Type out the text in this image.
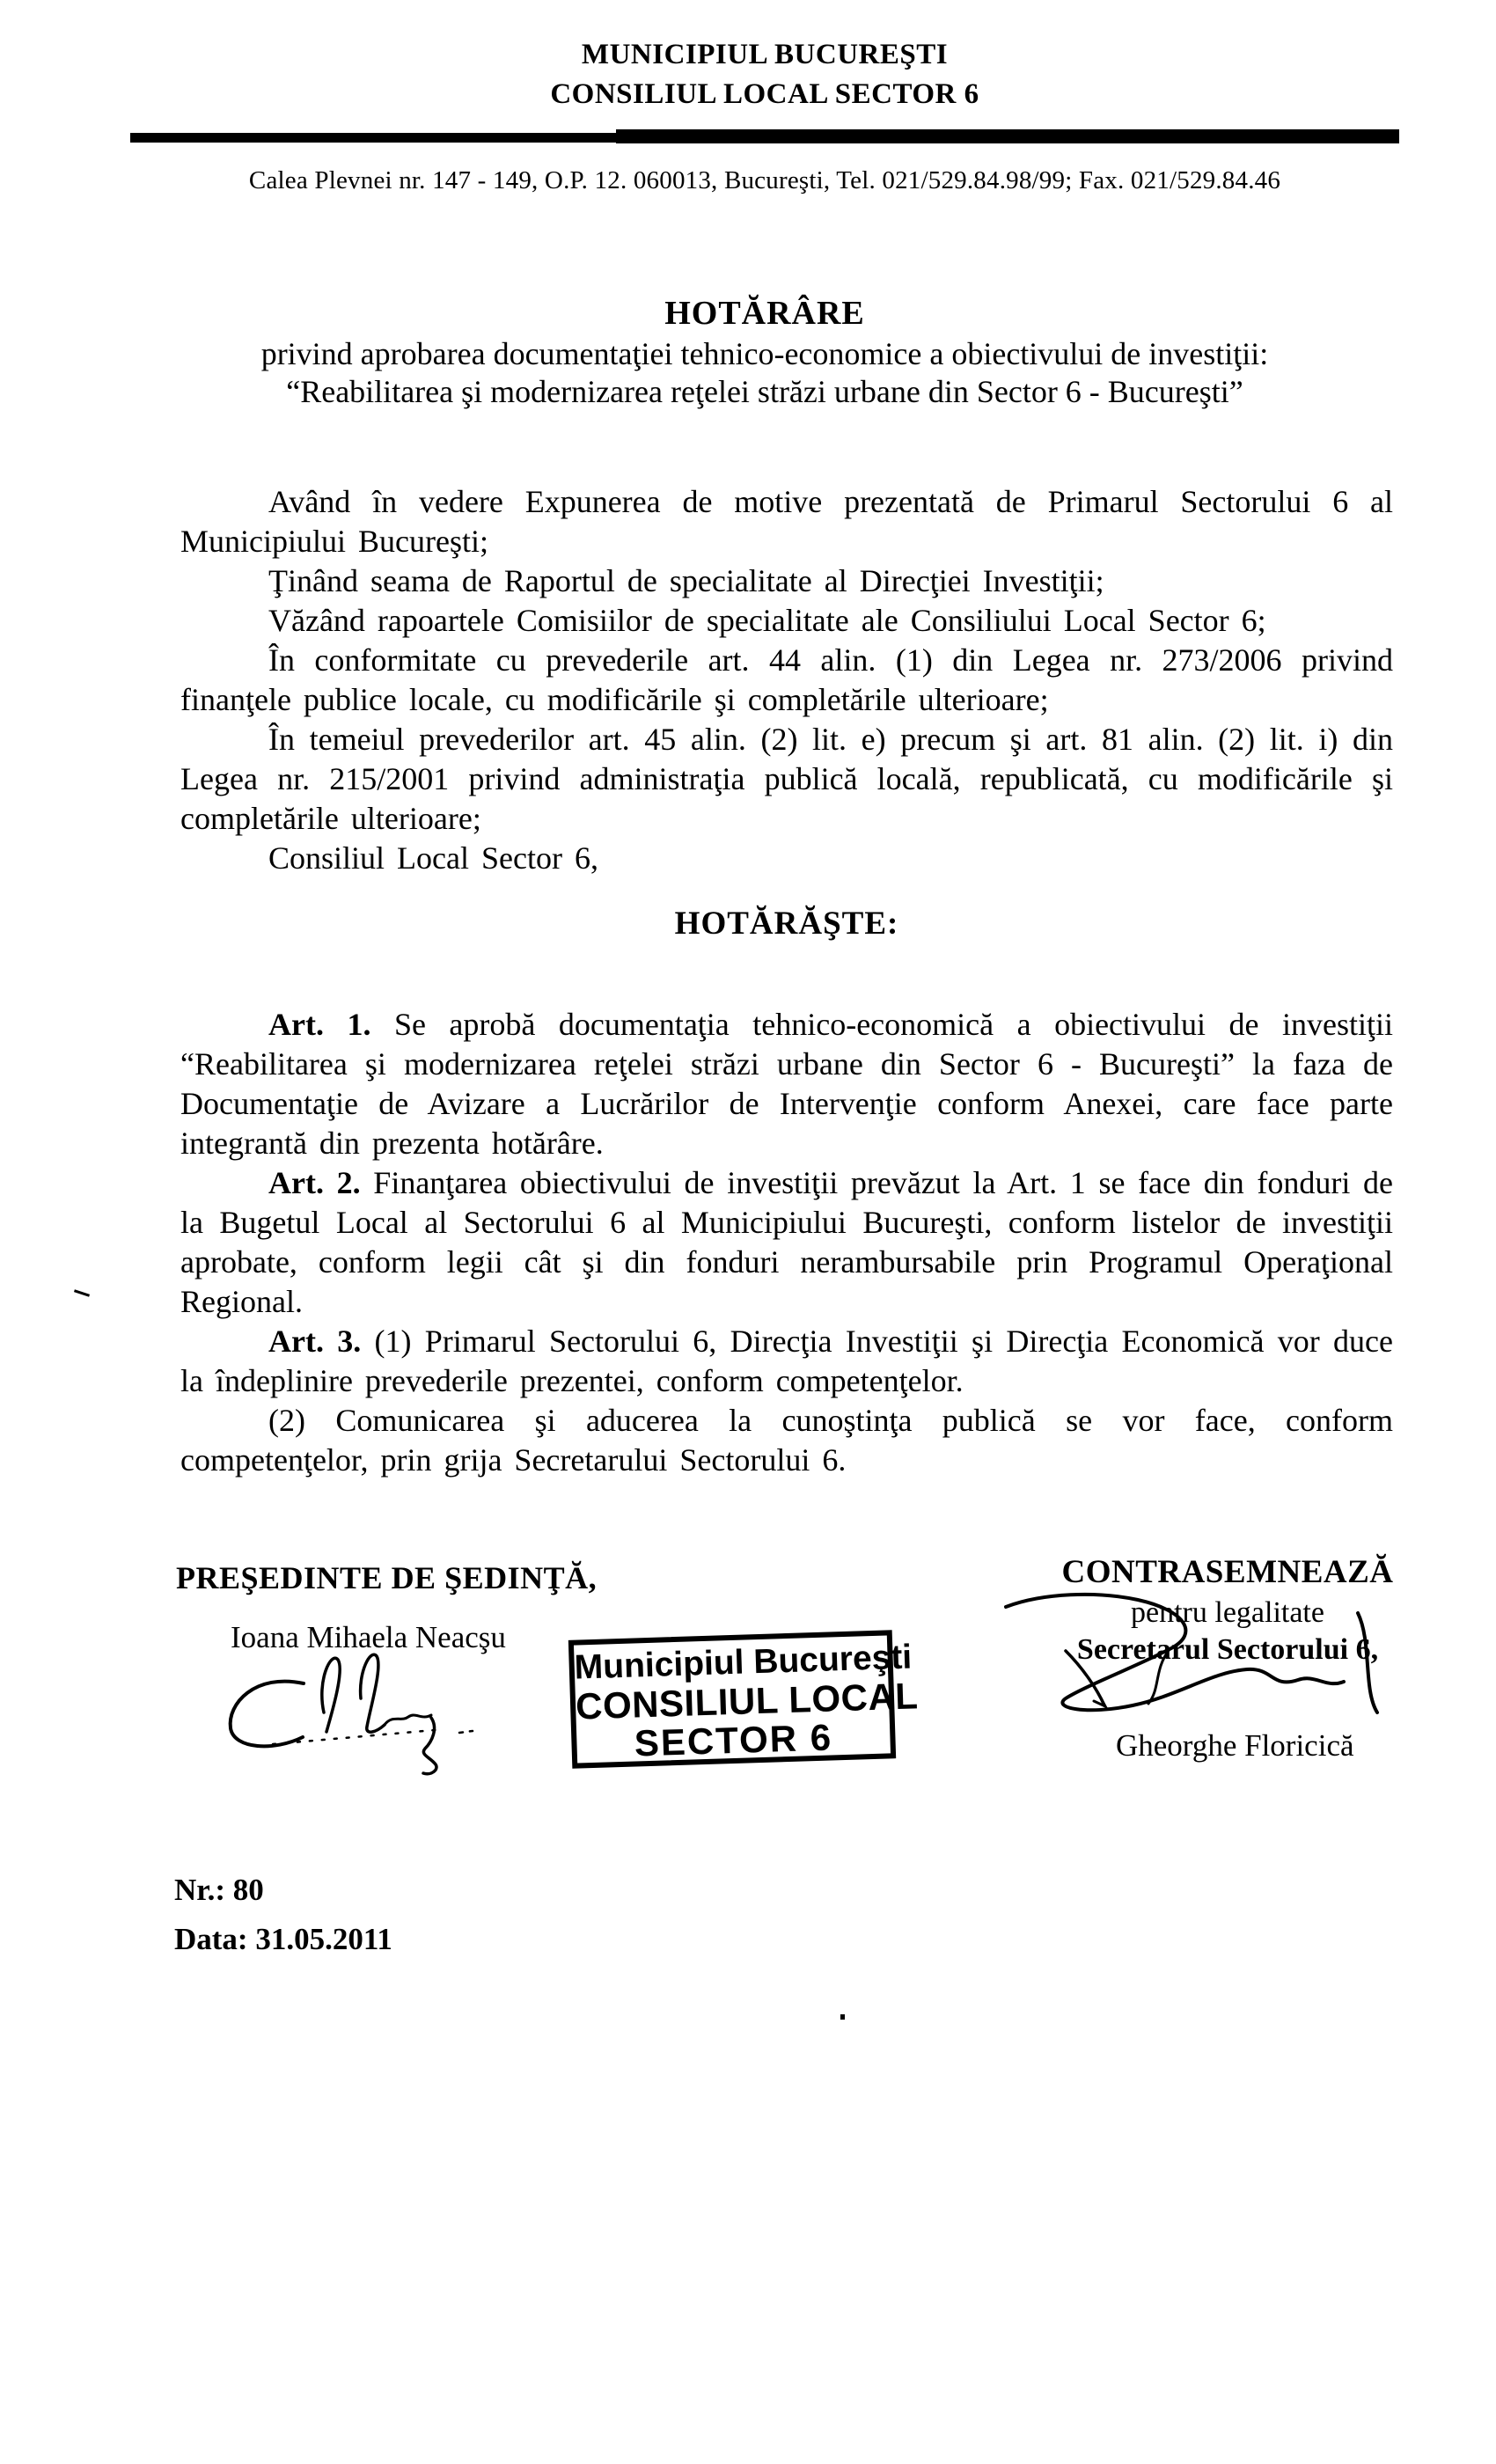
MUNICIPIUL BUCUREŞTI
CONSILIUL LOCAL SECTOR 6
Calea Plevnei nr. 147 - 149, O.P. 12. 060013, Bucureşti, Tel. 021/529.84.98/99; Fax. 021/529.84.46
HOTĂRÂRE
privind aprobarea documentaţiei tehnico-economice a obiectivului de investiţii:
“Reabilitarea şi modernizarea reţelei străzi urbane din Sector 6 - Bucureşti”

Având în vedere Expunerea de motive prezentată de Primarul Sectorului 6 al Municipiului Bucureşti;

Ţinând seama de Raportul de specialitate al Direcţiei Investiţii;

Văzând rapoartele Comisiilor de specialitate ale Consiliului Local Sector 6;

În conformitate cu prevederile art. 44 alin. (1) din Legea nr. 273/2006 privind finanţele publice locale, cu modificările şi completările ulterioare;

În temeiul prevederilor art. 45 alin. (2) lit. e) precum şi art. 81 alin. (2) lit. i) din Legea nr. 215/2001 privind administraţia publică locală, republicată, cu modificările şi completările ulterioare;

Consiliul Local Sector 6,

HOTĂRĂŞTE:

Art. 1. Se aprobă documentaţia tehnico-economică a obiectivului de investiţii “Reabilitarea şi modernizarea reţelei străzi urbane din Sector 6 - Bucureşti” la faza de Documentaţie de Avizare a Lucrărilor de Intervenţie conform Anexei, care face parte integrantă din prezenta hotărâre.

Art. 2. Finanţarea obiectivului de investiţii prevăzut la Art. 1 se face din fonduri de la Bugetul Local al Sectorului 6 al Municipiului Bucureşti, conform listelor de investiţii aprobate, conform legii cât şi din fonduri nerambursabile prin Programul Operaţional Regional.

Art. 3. (1) Primarul Sectorului 6, Direcţia Investiţii şi Direcţia Economică vor duce la îndeplinire prevederile prezentei, conform competenţelor.

(2) Comunicarea şi aducerea la cunoştinţa publică se vor face, conform competenţelor, prin grija Secretarului Sectorului 6.

PREŞEDINTE DE ŞEDINŢĂ,
Ioana Mihaela Neacşu
Municipiul Bucureşti
CONSILIUL LOCAL
SECTOR 6

CONTRASEMNEAZĂ

pentru legalitate

Secretarul Sectorului 6,

Gheorghe Floricică
Nr.: 80
Data: 31.05.2011
